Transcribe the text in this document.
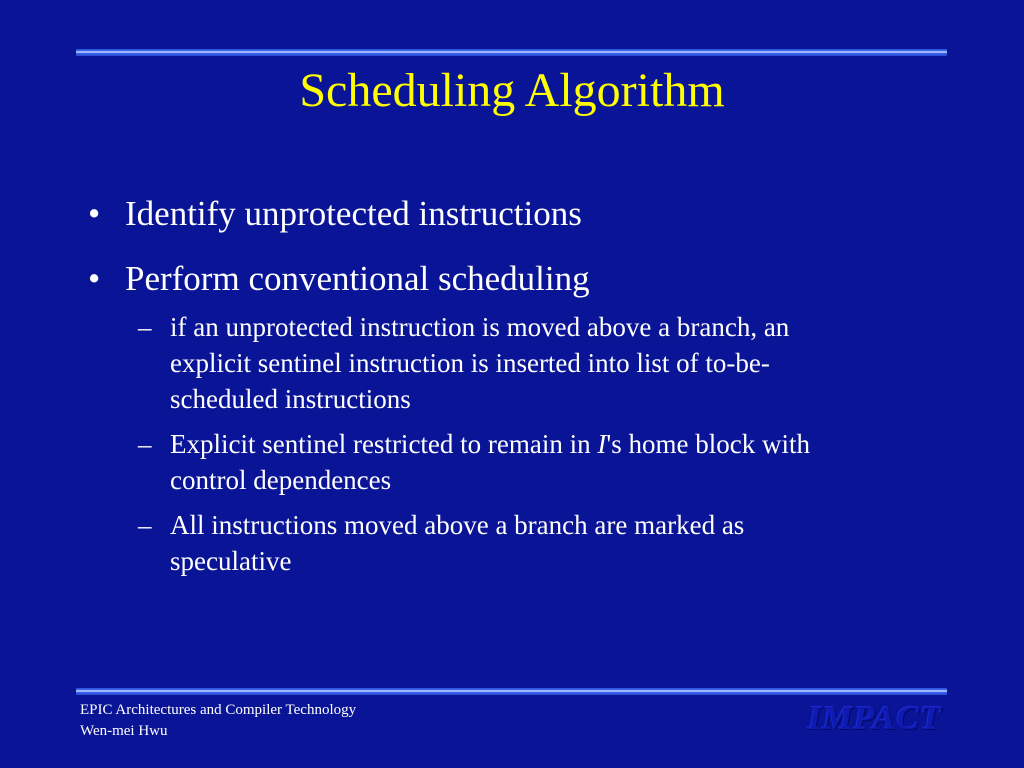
Scheduling Algorithm
• Identify unprotected instructions
• Perform conventional scheduling
– if an unprotected instruction is moved above a branch, an explicit sentinel instruction is inserted into list of to-be-scheduled instructions
– Explicit sentinel restricted to remain in I's home block with control dependences
– All instructions moved above a branch are marked as speculative
EPIC Architectures and Compiler Technology
Wen-mei Hwu	IMPACT
